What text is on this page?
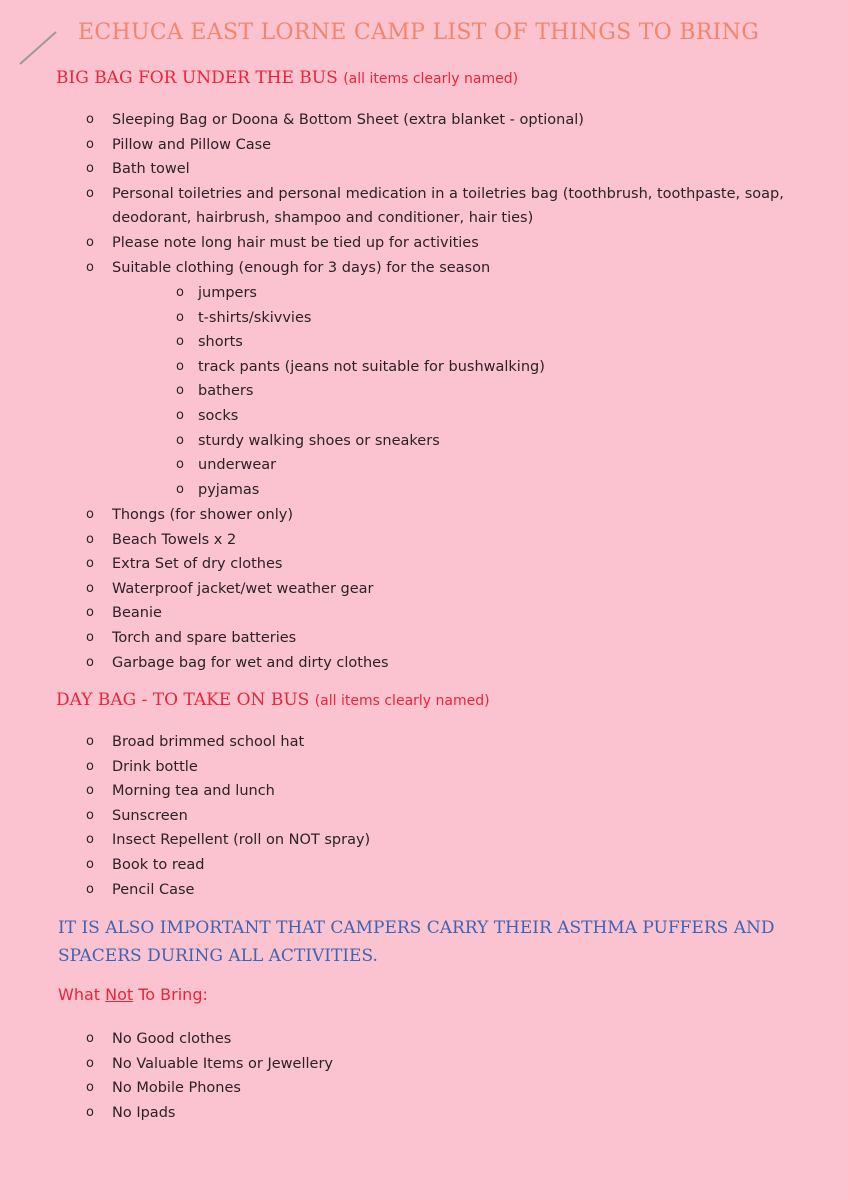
ECHUCA EAST LORNE CAMP LIST OF THINGS TO BRING
BIG BAG FOR UNDER THE BUS (all items clearly named)
o Sleeping Bag or Doona & Bottom Sheet (extra blanket - optional)
o Pillow and Pillow Case
o Bath towel
o Personal toiletries and personal medication in a toiletries bag (toothbrush, toothpaste, soap, deodorant, hairbrush, shampoo and conditioner, hair ties)
o Please note long hair must be tied up for activities
o Suitable clothing (enough for 3 days) for the season
o jumpers
o t-shirts/skivvies
o shorts
o track pants (jeans not suitable for bushwalking)
o bathers
o socks
o sturdy walking shoes or sneakers
o underwear
o pyjamas
o Thongs (for shower only)
o Beach Towels x 2
o Extra Set of dry clothes
o Waterproof jacket/wet weather gear
o Beanie
o Torch and spare batteries
o Garbage bag for wet and dirty clothes
DAY BAG - TO TAKE ON BUS (all items clearly named)
o Broad brimmed school hat
o Drink bottle
o Morning tea and lunch
o Sunscreen
o Insect Repellent (roll on NOT spray)
o Book to read
o Pencil Case
IT IS ALSO IMPORTANT THAT CAMPERS CARRY THEIR ASTHMA PUFFERS AND SPACERS DURING ALL ACTIVITIES.
What Not To Bring:
o No Good clothes
o No Valuable Items or Jewellery
o No Mobile Phones
o No Ipads
